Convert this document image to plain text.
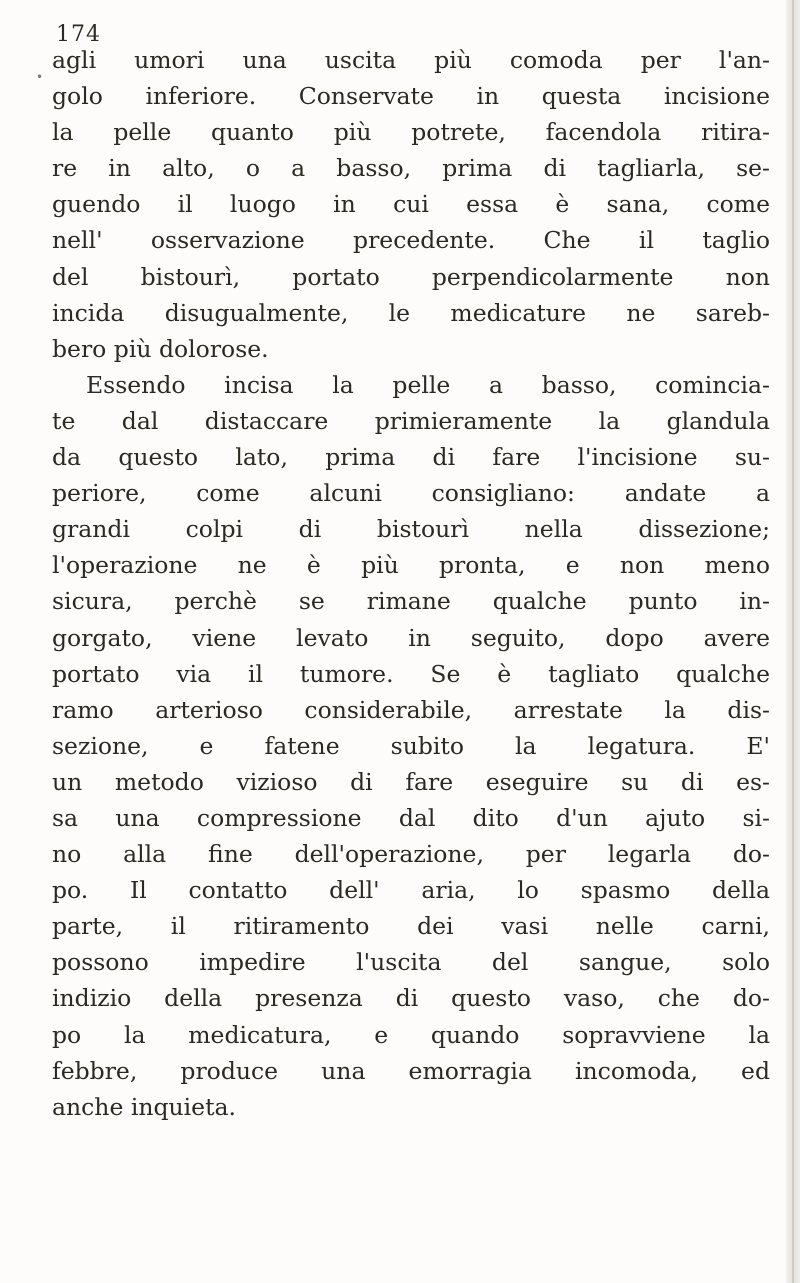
174
•
agli umori una uscita più comoda per l'an-
golo inferiore. Conservate in questa incisione
la pelle quanto più potrete, facendola ritira-
re in alto, o a basso, prima di tagliarla, se-
guendo il luogo in cui essa è sana, come
nell' osservazione precedente. Che il taglio
del bistourì, portato perpendicolarmente non
incida disugualmente, le medicature ne sareb-
bero più dolorose.
Essendo incisa la pelle a basso, comincia-
te dal distaccare primieramente la glandula
da questo lato, prima di fare l'incisione su-
periore, come alcuni consigliano: andate a
grandi colpi di bistourì nella dissezione;
l'operazione ne è più pronta, e non meno
sicura, perchè se rimane qualche punto in-
gorgato, viene levato in seguito, dopo avere
portato via il tumore. Se è tagliato qualche
ramo arterioso considerabile, arrestate la dis-
sezione, e fatene subito la legatura. E'
un metodo vizioso di fare eseguire su di es-
sa una compressione dal dito d'un ajuto si-
no alla fine dell'operazione, per legarla do-
po. Il contatto dell' aria, lo spasmo della
parte, il ritiramento dei vasi nelle carni,
possono impedire l'uscita del sangue, solo
indizio della presenza di questo vaso, che do-
po la medicatura, e quando sopravviene la
febbre, produce una emorragia incomoda, ed
anche inquieta.
